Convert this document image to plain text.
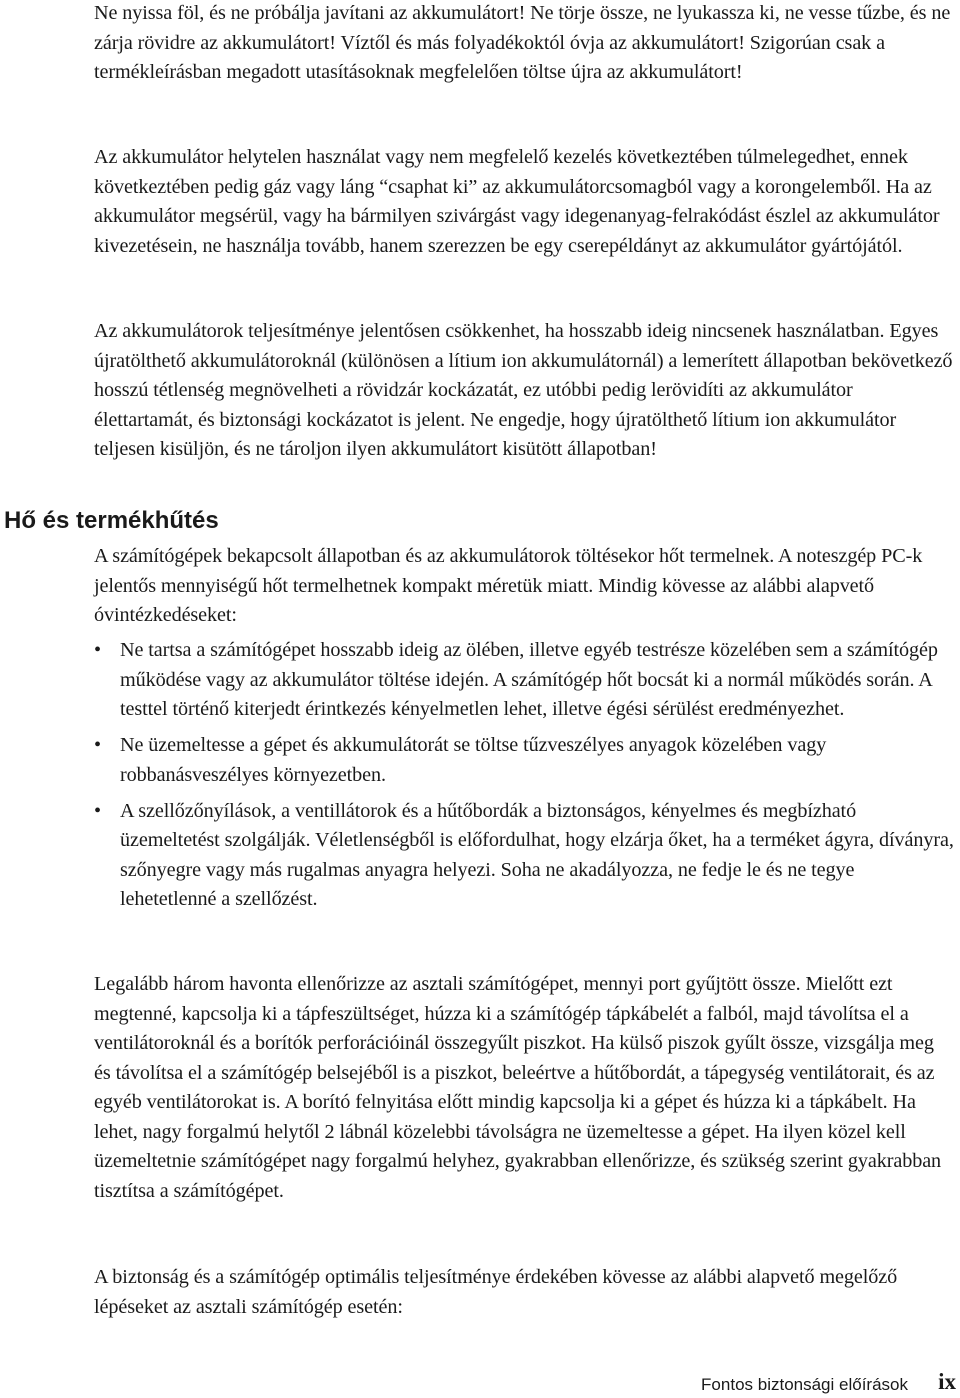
Ne nyissa föl, és ne próbálja javítani az akkumulátort! Ne törje össze, ne lyukassza ki, ne vesse tűzbe, és ne zárja rövidre az akkumulátort! Víztől és más folyadékoktól óvja az akkumulátort! Szigorúan csak a termékleírásban megadott utasításoknak megfelelően töltse újra az akkumulátort!

Az akkumulátor helytelen használat vagy nem megfelelő kezelés következtében túlmelegedhet, ennek következtében pedig gáz vagy láng “csaphat ki” az akkumulátorcsomagból vagy a korongelemből. Ha az akkumulátor megsérül, vagy ha bármilyen szivárgást vagy idegenanyag-felrakódást észlel az akkumulátor kivezetésein, ne használja tovább, hanem szerezzen be egy cserepéldányt az akkumulátor gyártójától.

Az akkumulátorok teljesítménye jelentősen csökkenhet, ha hosszabb ideig nincsenek használatban. Egyes újratölthető akkumulátoroknál (különösen a lítium ion akkumulátornál) a lemerített állapotban bekövetkező hosszú tétlenség megnövelheti a rövidzár kockázatát, ez utóbbi pedig lerövidíti az akkumulátor élettartamát, és biztonsági kockázatot is jelent. Ne engedje, hogy újratölthető lítium ion akkumulátor teljesen kisüljön, és ne tároljon ilyen akkumulátort kisütött állapotban!

Hő és termékhűtés

A számítógépek bekapcsolt állapotban és az akkumulátorok töltésekor hőt termelnek. A noteszgép PC-k jelentős mennyiségű hőt termelhetnek kompakt méretük miatt. Mindig kövesse az alábbi alapvető óvintézkedéseket:

• Ne tartsa a számítógépet hosszabb ideig az ölében, illetve egyéb testrésze közelében sem a számítógép működése vagy az akkumulátor töltése idején. A számítógép hőt bocsát ki a normál működés során. A testtel történő kiterjedt érintkezés kényelmetlen lehet, illetve égési sérülést eredményezhet.
• Ne üzemeltesse a gépet és akkumulátorát se töltse tűzveszélyes anyagok közelében vagy robbanásveszélyes környezetben.
• A szellőzőnyílások, a ventillátorok és a hűtőbordák a biztonságos, kényelmes és megbízható üzemeltetést szolgálják. Véletlenségből is előfordulhat, hogy elzárja őket, ha a terméket ágyra, díványra, szőnyegre vagy más rugalmas anyagra helyezi. Soha ne akadályozza, ne fedje le és ne tegye lehetetlenné a szellőzést.

Legalább három havonta ellenőrizze az asztali számítógépet, mennyi port gyűjtött össze. Mielőtt ezt megtenné, kapcsolja ki a tápfeszültséget, húzza ki a számítógép tápkábelét a falból, majd távolítsa el a ventilátoroknál és a borítók perforációinál összegyűlt piszkot. Ha külső piszok gyűlt össze, vizsgálja meg és távolítsa el a számítógép belsejéből is a piszkot, beleértve a hűtőbordát, a tápegység ventilátorait, és az egyéb ventilátorokat is. A borító felnyitása előtt mindig kapcsolja ki a gépet és húzza ki a tápkábelt. Ha lehet, nagy forgalmú helytől 2 lábnál közelebbi távolságra ne üzemeltesse a gépet. Ha ilyen közel kell üzemeltetnie számítógépet nagy forgalmú helyhez, gyakrabban ellenőrizze, és szükség szerint gyakrabban tisztítsa a számítógépet.

A biztonság és a számítógép optimális teljesítménye érdekében kövesse az alábbi alapvető megelőző lépéseket az asztali számítógép esetén:

Fontos biztonsági előírások ix
